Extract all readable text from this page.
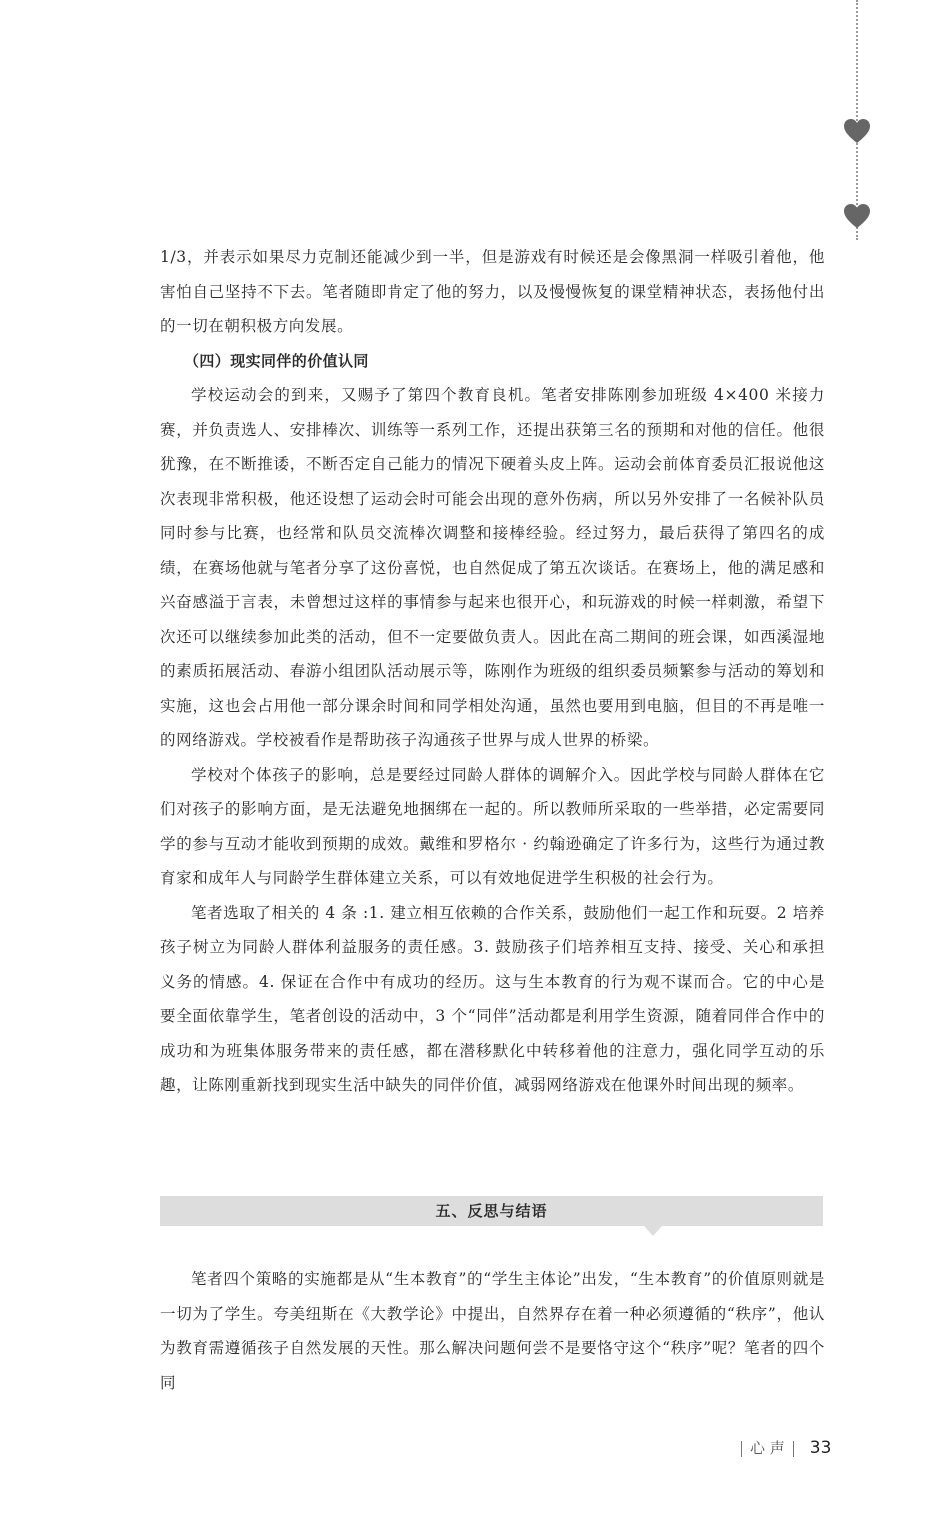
1/3，并表示如果尽力克制还能减少到一半，但是游戏有时候还是会像黑洞一样吸引着他，他害怕自己坚持不下去。笔者随即肯定了他的努力，以及慢慢恢复的课堂精神状态，表扬他付出的一切在朝积极方向发展。

（四）现实同伴的价值认同

学校运动会的到来，又赐予了第四个教育良机。笔者安排陈刚参加班级 4×400 米接力赛，并负责选人、安排棒次、训练等一系列工作，还提出获第三名的预期和对他的信任。他很犹豫，在不断推诿，不断否定自己能力的情况下硬着头皮上阵。运动会前体育委员汇报说他这次表现非常积极，他还设想了运动会时可能会出现的意外伤病，所以另外安排了一名候补队员同时参与比赛，也经常和队员交流棒次调整和接棒经验。经过努力，最后获得了第四名的成绩，在赛场他就与笔者分享了这份喜悦，也自然促成了第五次谈话。在赛场上，他的满足感和兴奋感溢于言表，未曾想过这样的事情参与起来也很开心，和玩游戏的时候一样刺激，希望下次还可以继续参加此类的活动，但不一定要做负责人。因此在高二期间的班会课，如西溪湿地的素质拓展活动、春游小组团队活动展示等，陈刚作为班级的组织委员频繁参与活动的筹划和实施，这也会占用他一部分课余时间和同学相处沟通，虽然也要用到电脑，但目的不再是唯一的网络游戏。学校被看作是帮助孩子沟通孩子世界与成人世界的桥梁。

学校对个体孩子的影响，总是要经过同龄人群体的调解介入。因此学校与同龄人群体在它们对孩子的影响方面，是无法避免地捆绑在一起的。所以教师所采取的一些举措，必定需要同学的参与互动才能收到预期的成效。戴维和罗格尔 · 约翰逊确定了许多行为，这些行为通过教育家和成年人与同龄学生群体建立关系，可以有效地促进学生积极的社会行为。

笔者选取了相关的 4 条 :1. 建立相互依赖的合作关系，鼓励他们一起工作和玩耍。2 培养孩子树立为同龄人群体利益服务的责任感。3. 鼓励孩子们培养相互支持、接受、关心和承担义务的情感。4. 保证在合作中有成功的经历。这与生本教育的行为观不谋而合。它的中心是要全面依靠学生，笔者创设的活动中，3 个“同伴”活动都是利用学生资源，随着同伴合作中的成功和为班集体服务带来的责任感，都在潜移默化中转移着他的注意力，强化同学互动的乐趣，让陈刚重新找到现实生活中缺失的同伴价值，减弱网络游戏在他课外时间出现的频率。

五、反思与结语

笔者四个策略的实施都是从“生本教育”的“学生主体论”出发，“生本教育”的价值原则就是一切为了学生。夸美纽斯在《大教学论》中提出，自然界存在着一种必须遵循的“秩序”，他认为教育需遵循孩子自然发展的天性。那么解决问题何尝不是要恪守这个“秩序”呢？笔者的四个同

心 声 33
